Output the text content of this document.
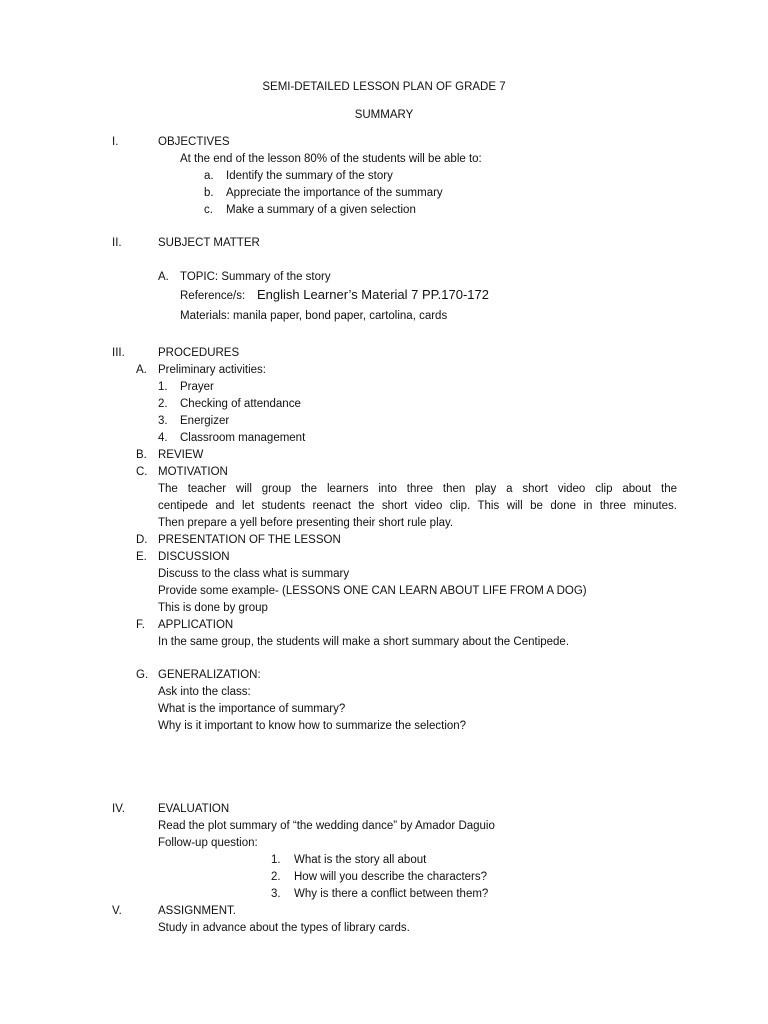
SEMI-DETAILED LESSON PLAN OF GRADE 7
SUMMARY
I.	OBJECTIVES
At the end of the lesson 80% of the students will be able to:
a. Identify the summary of the story
b. Appreciate the importance of the summary
c. Make a summary of a given selection
II.	SUBJECT MATTER
A. TOPIC: Summary of the story
Reference/s: English Learner’s Material 7 PP.170-172
Materials: manila paper, bond paper, cartolina, cards
III.	PROCEDURES
A. Preliminary activities:
1. Prayer
2. Checking of attendance
3. Energizer
4. Classroom management
B. REVIEW
C. MOTIVATION
The teacher will group the learners into three then play a short video clip about the
centipede and let students reenact the short video clip. This will be done in three minutes.
Then prepare a yell before presenting their short rule play.
D. PRESENTATION OF THE LESSON
E. DISCUSSION
Discuss to the class what is summary
Provide some example- (LESSONS ONE CAN LEARN ABOUT LIFE FROM A DOG)
This is done by group
F. APPLICATION
In the same group, the students will make a short summary about the Centipede.
G. GENERALIZATION:
Ask into the class:
What is the importance of summary?
Why is it important to know how to summarize the selection?
IV.	EVALUATION
Read the plot summary of “the wedding dance” by Amador Daguio
Follow-up question:
1. What is the story all about
2. How will you describe the characters?
3. Why is there a conflict between them?
V.	ASSIGNMENT.
Study in advance about the types of library cards.
